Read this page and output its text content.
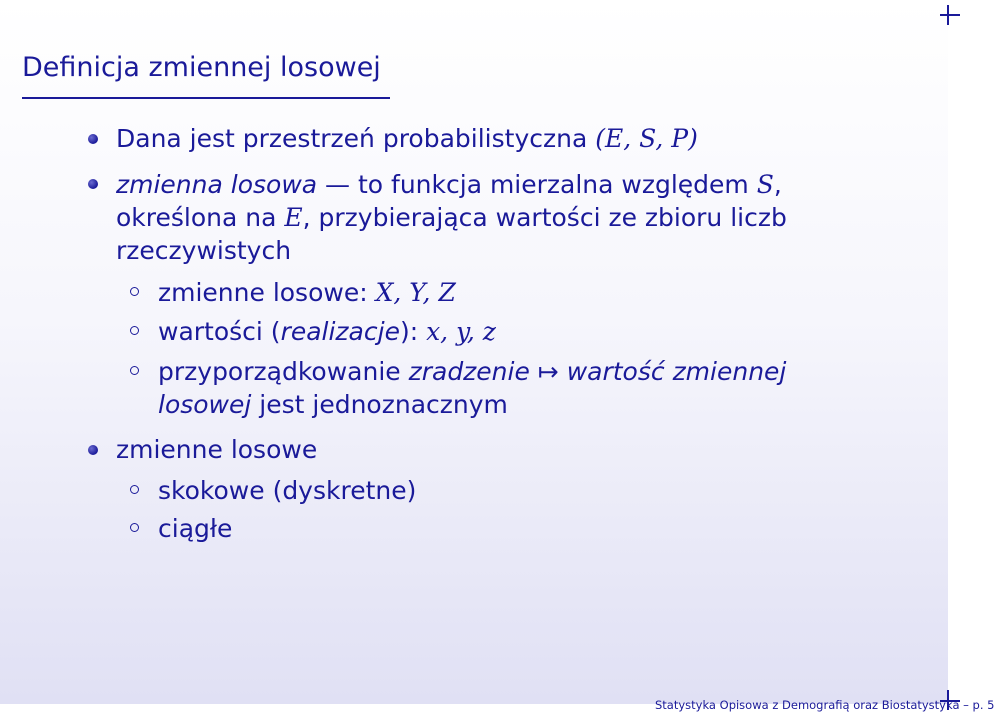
Definicja zmiennej losowej
Dana jest przestrzeń probabilistyczna (E, S, P)
zmienna losowa — to funkcja mierzalna względem S,
określona na E, przybierająca wartości ze zbioru liczb
rzeczywistych
zmienne losowe: X, Y, Z
wartości (realizacje): x, y, z
przyporządkowanie zradzenie ↦ wartość zmiennej
losowej jest jednoznacznym
zmienne losowe
skokowe (dyskretne)
ciągłe
Statystyka Opisowa z Demografią oraz Biostatystyka – p. 5
